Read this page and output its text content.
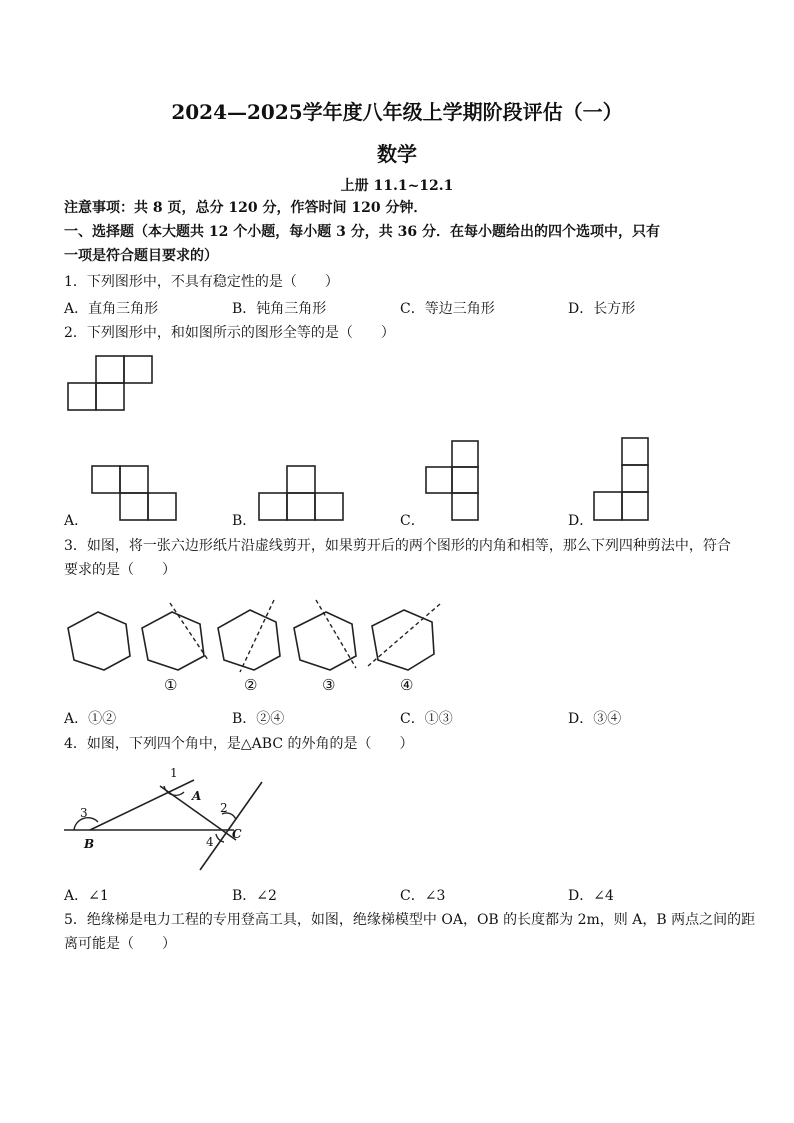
2024—2025学年度八年级上学期阶段评估（一）
数学
上册 11.1~12.1
注意事项：共 8 页，总分 120 分，作答时间 120 分钟．
一、选择题（本大题共 12 个小题，每小题 3 分，共 36 分．在每小题给出的四个选项中，只有
一项是符合题目要求的）
1．下列图形中，不具有稳定性的是（　　）
A．直角三角形	B．钝角三角形	C．等边三角形	D．长方形
2．下列图形中，和如图所示的图形全等的是（　　）
A．	B．	C．	D．
3．如图，将一张六边形纸片沿虚线剪开，如果剪开后的两个图形的内角和相等，那么下列四种剪法中，符合
要求的是（　　）
①	②	③	④
A．①②	B．②④	C．①③	D．③④
4．如图，下列四个角中，是△ABC 的外角的是（　　）
1
2
3
4
A
B
C
A．∠1	B．∠2	C．∠3	D．∠4
5．绝缘梯是电力工程的专用登高工具，如图，绝缘梯模型中 OA，OB 的长度都为 2m，则 A，B 两点之间的距
离可能是（　　）
